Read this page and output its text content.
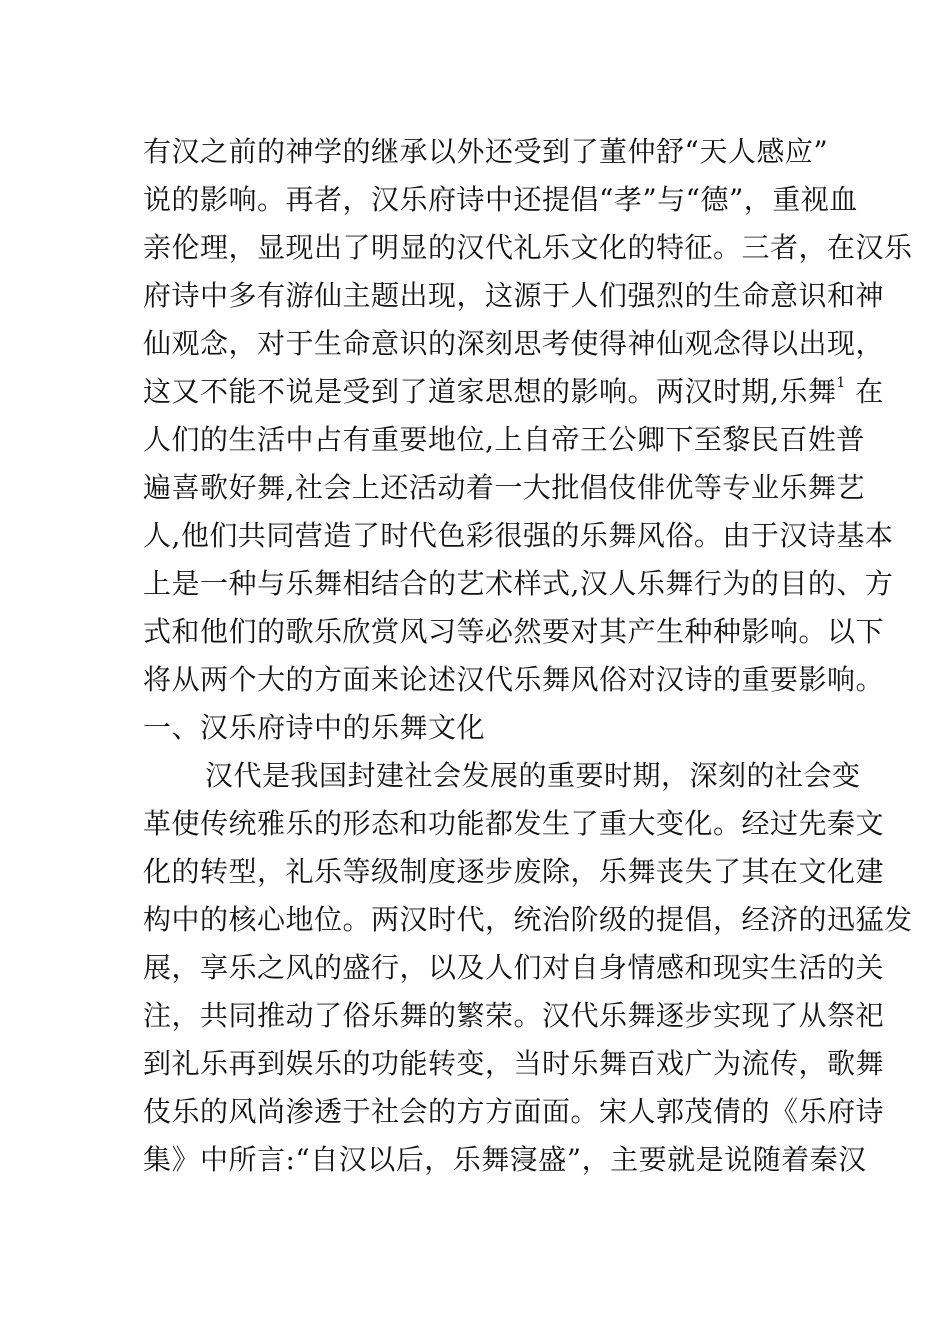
有汉之前的神学的继承以外还受到了董仲舒“天人感应”
说的影响。再者，汉乐府诗中还提倡“孝”与“德”，重视血
亲伦理，显现出了明显的汉代礼乐文化的特征。三者，在汉乐
府诗中多有游仙主题出现，这源于人们强烈的生命意识和神
仙观念，对于生命意识的深刻思考使得神仙观念得以出现，
这又不能不说是受到了道家思想的影响。两汉时期,乐舞$^1$ 在
人们的生活中占有重要地位,上自帝王公卿下至黎民百姓普
遍喜歌好舞,社会上还活动着一大批倡伎俳优等专业乐舞艺
人,他们共同营造了时代色彩很强的乐舞风俗。由于汉诗基本
上是一种与乐舞相结合的艺术样式,汉人乐舞行为的目的、方
式和他们的歌乐欣赏风习等必然要对其产生种种影响。以下
将从两个大的方面来论述汉代乐舞风俗对汉诗的重要影响。
一、汉乐府诗中的乐舞文化
汉代是我国封建社会发展的重要时期，深刻的社会变
革使传统雅乐的形态和功能都发生了重大变化。经过先秦文
化的转型，礼乐等级制度逐步废除，乐舞丧失了其在文化建
构中的核心地位。两汉时代，统治阶级的提倡，经济的迅猛发
展，享乐之风的盛行，以及人们对自身情感和现实生活的关
注，共同推动了俗乐舞的繁荣。汉代乐舞逐步实现了从祭祀
到礼乐再到娱乐的功能转变，当时乐舞百戏广为流传，歌舞
伎乐的风尚渗透于社会的方方面面。宋人郭茂倩的《乐府诗
集》中所言:“自汉以后，乐舞寖盛”，主要就是说随着秦汉
